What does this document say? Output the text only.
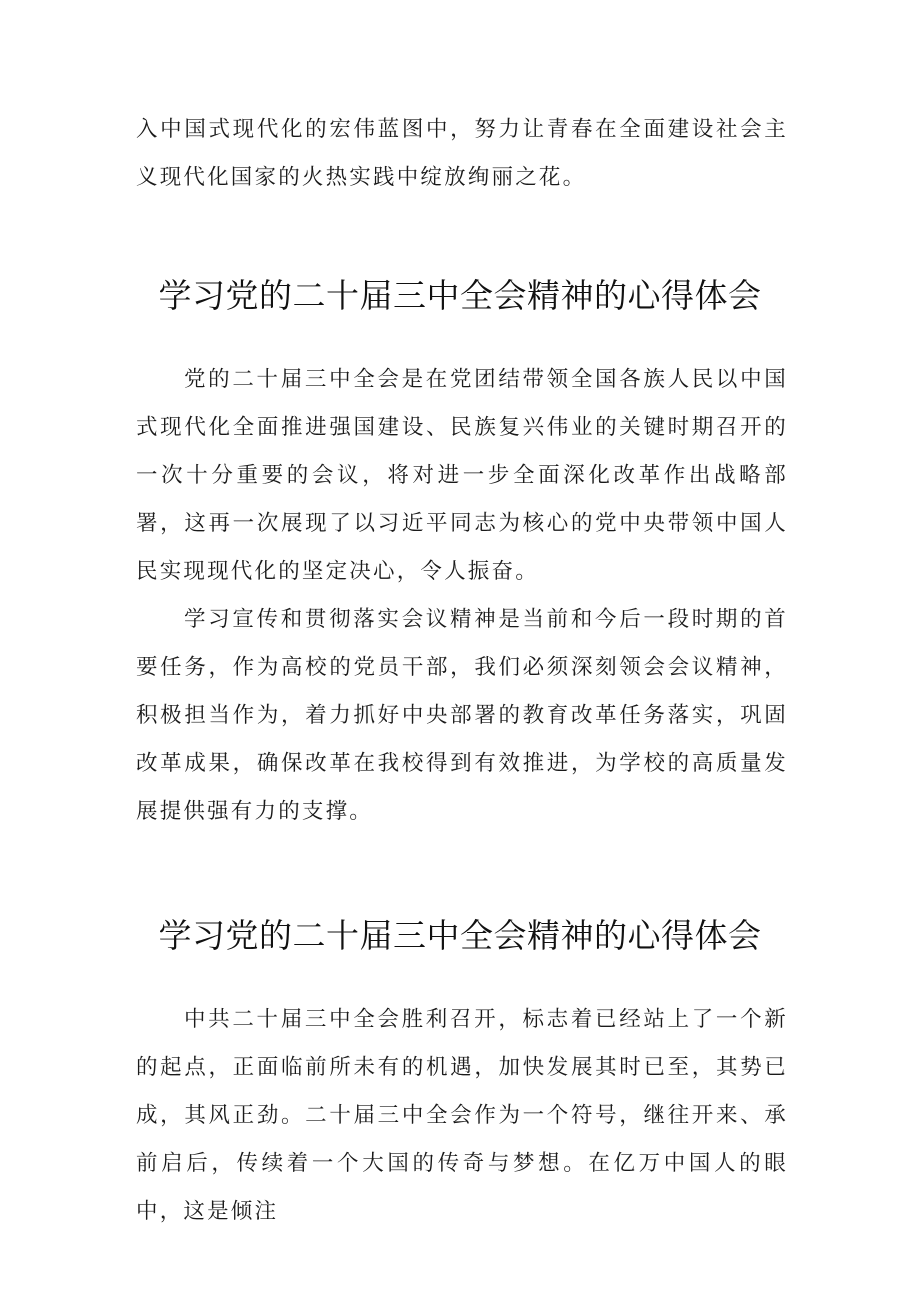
入中国式现代化的宏伟蓝图中，努力让青春在全面建设社会主义现代化国家的火热实践中绽放绚丽之花。

学习党的二十届三中全会精神的心得体会

党的二十届三中全会是在党团结带领全国各族人民以中国式现代化全面推进强国建设、民族复兴伟业的关键时期召开的一次十分重要的会议，将对进一步全面深化改革作出战略部署，这再一次展现了以习近平同志为核心的党中央带领中国人民实现现代化的坚定决心，令人振奋。

学习宣传和贯彻落实会议精神是当前和今后一段时期的首要任务，作为高校的党员干部，我们必须深刻领会会议精神，积极担当作为，着力抓好中央部署的教育改革任务落实，巩固改革成果，确保改革在我校得到有效推进，为学校的高质量发展提供强有力的支撑。

学习党的二十届三中全会精神的心得体会

中共二十届三中全会胜利召开，标志着已经站上了一个新的起点，正面临前所未有的机遇，加快发展其时已至，其势已成，其风正劲。二十届三中全会作为一个符号，继往开来、承前启后，传续着一个大国的传奇与梦想。在亿万中国人的眼中，这是倾注
